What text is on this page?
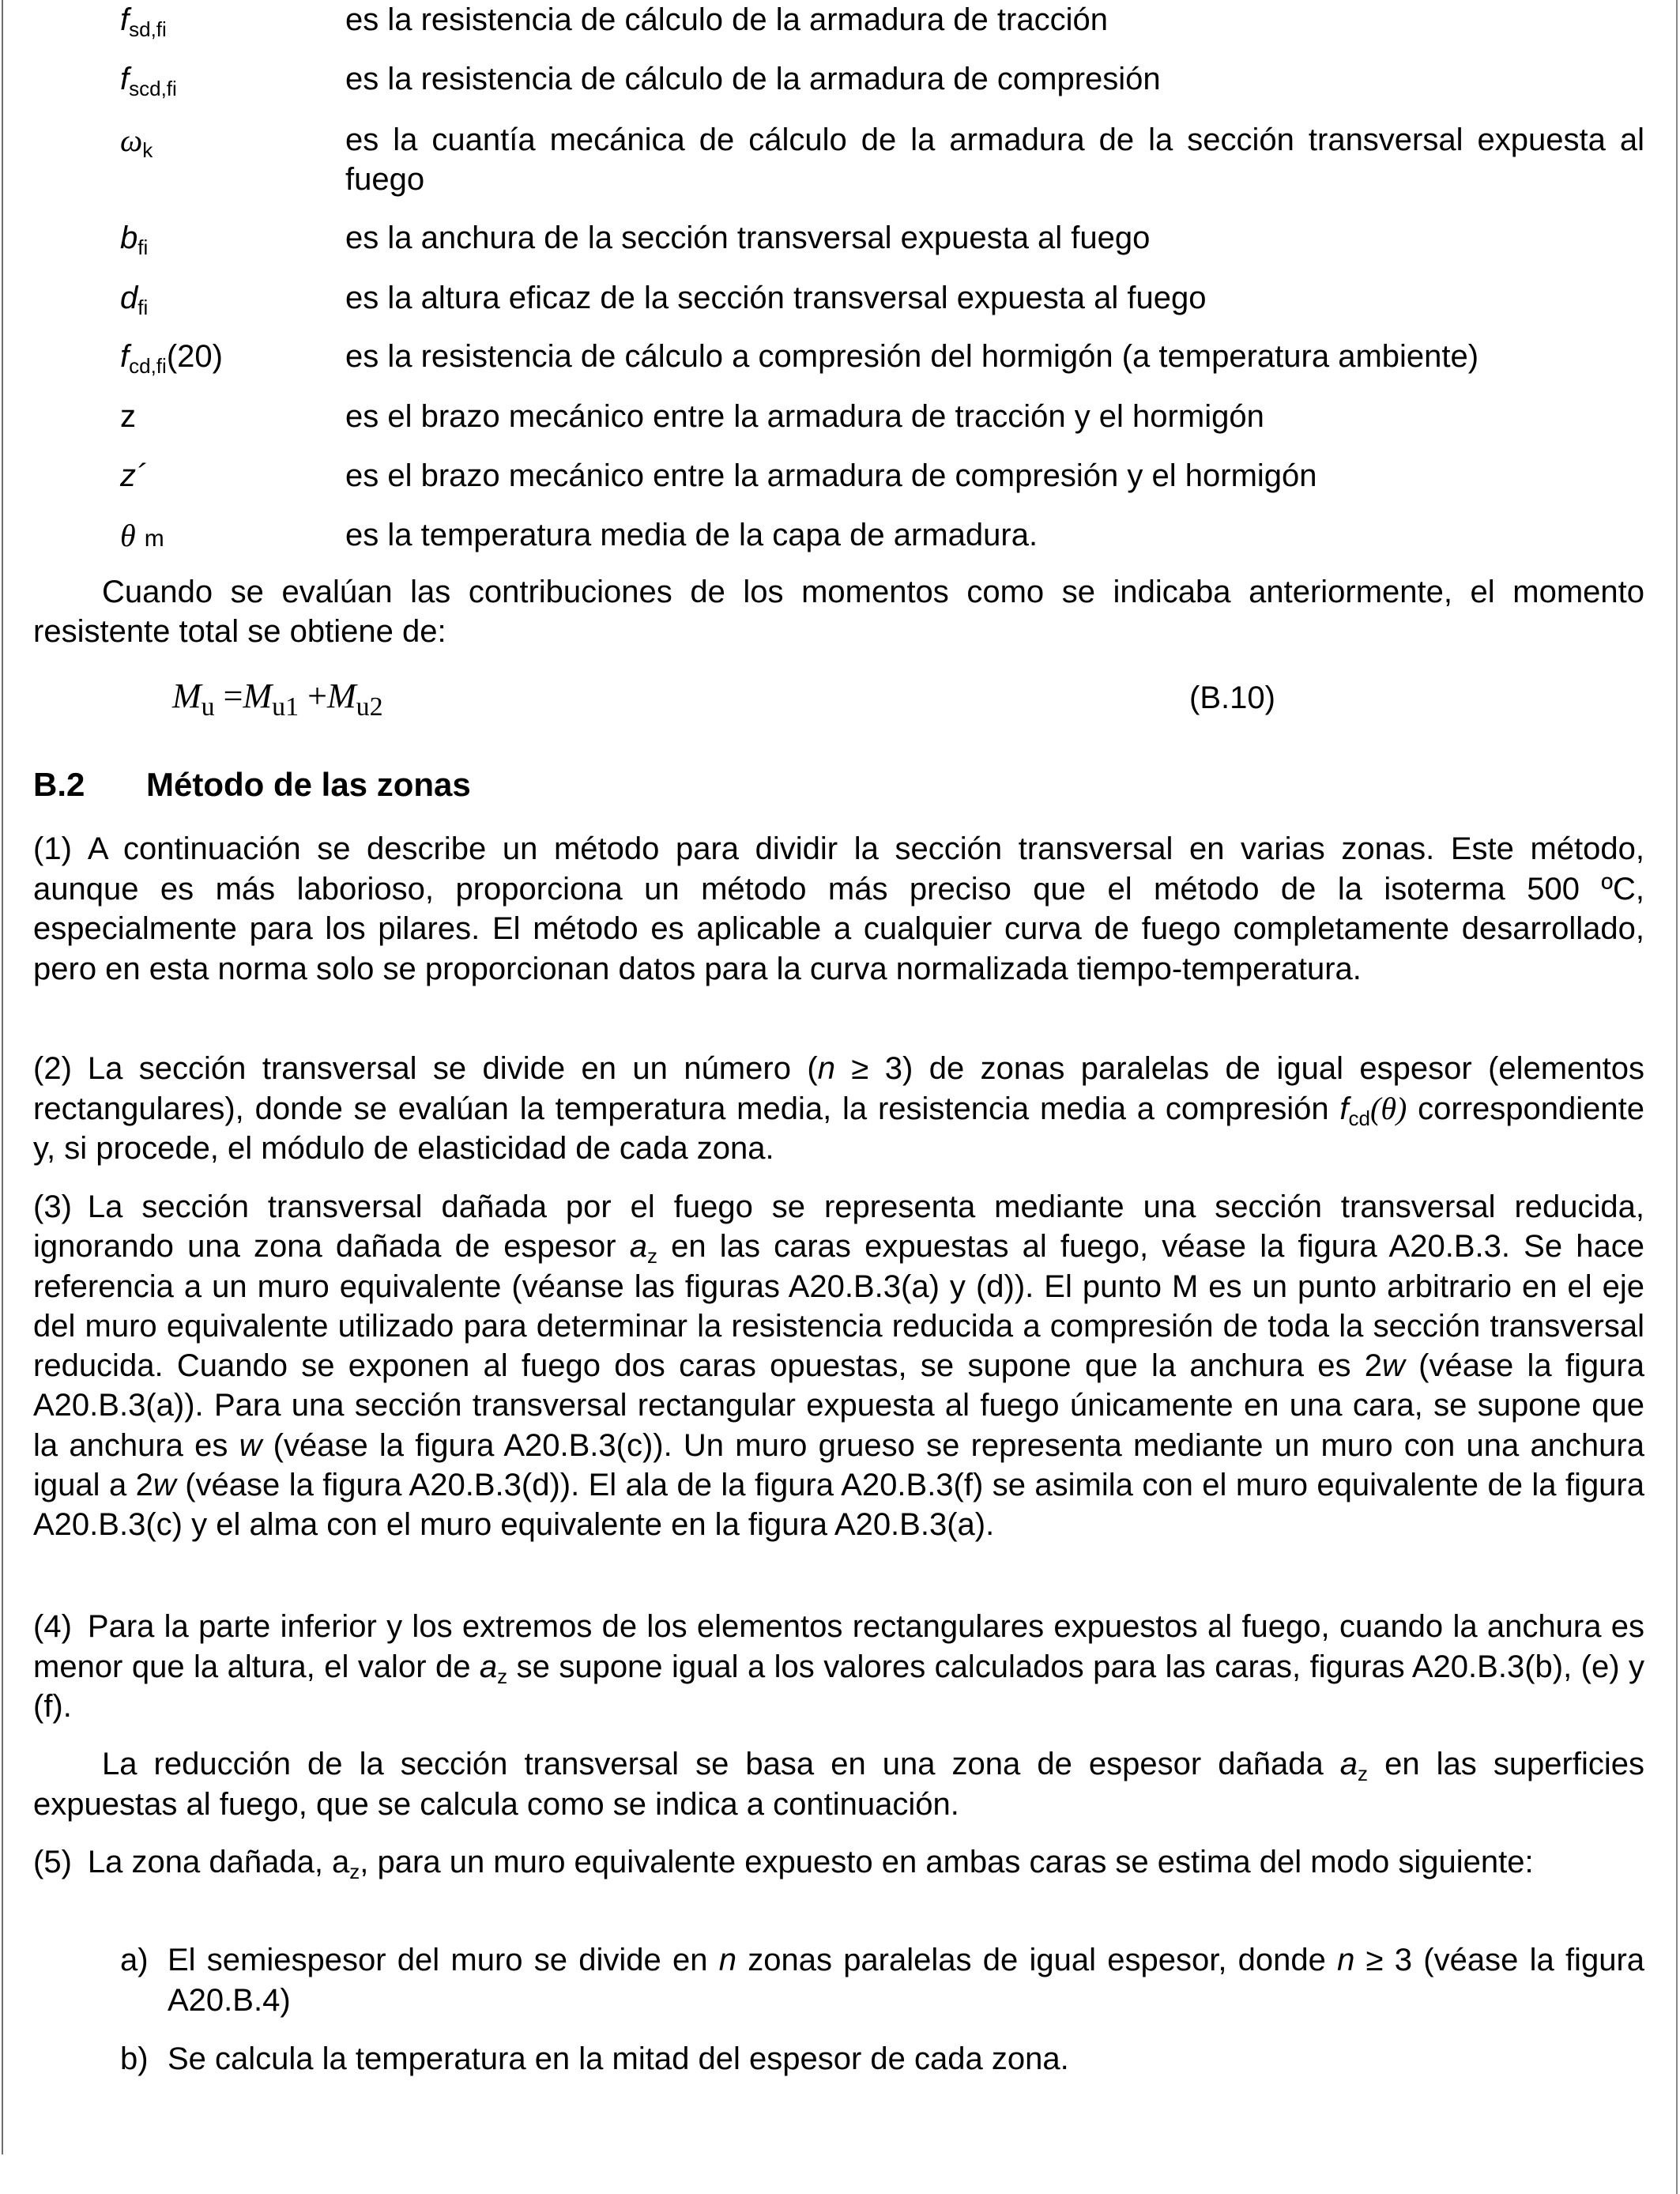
$f_{sd,fi}$	es la resistencia de cálculo de la armadura de tracción
$f_{scd,fi}$	es la resistencia de cálculo de la armadura de compresión
$\omega_k$	es la cuantía mecánica de cálculo de la armadura de la sección transversal expuesta al fuego
$b_{fi}$	es la anchura de la sección transversal expuesta al fuego
$d_{fi}$	es la altura eficaz de la sección transversal expuesta al fuego
$f_{cd,fi}(20)$	es la resistencia de cálculo a compresión del hormigón (a temperatura ambiente)
z	es el brazo mecánico entre la armadura de tracción y el hormigón
z´	es el brazo mecánico entre la armadura de compresión y el hormigón
θ m	es la temperatura media de la capa de armadura.
Cuando se evalúan las contribuciones de los momentos como se indicaba anteriormente, el momento resistente total se obtiene de:
$M_u =M_{u1} +M_{u2}$	(B.10)
B.2 Método de las zonas
(1) A continuación se describe un método para dividir la sección transversal en varias zonas. Este método, aunque es más laborioso, proporciona un método más preciso que el método de la isoterma 500 ºC, especialmente para los pilares. El método es aplicable a cualquier curva de fuego completamente desarrollado, pero en esta norma solo se proporcionan datos para la curva normalizada tiempo-temperatura.
(2) La sección transversal se divide en un número (n ≥ 3) de zonas paralelas de igual espesor (elementos rectangulares), donde se evalúan la temperatura media, la resistencia media a compresión $f_{cd}(\theta)$ correspondiente y, si procede, el módulo de elasticidad de cada zona.
(3) La sección transversal dañada por el fuego se representa mediante una sección transversal reducida, ignorando una zona dañada de espesor $a_z$ en las caras expuestas al fuego, véase la figura A20.B.3. Se hace referencia a un muro equivalente (véanse las figuras A20.B.3(a) y (d)). El punto M es un punto arbitrario en el eje del muro equivalente utilizado para determinar la resistencia reducida a compresión de toda la sección transversal reducida. Cuando se exponen al fuego dos caras opuestas, se supone que la anchura es 2w (véase la figura A20.B.3(a)). Para una sección transversal rectangular expuesta al fuego únicamente en una cara, se supone que la anchura es w (véase la figura A20.B.3(c)). Un muro grueso se representa mediante un muro con una anchura igual a 2w (véase la figura A20.B.3(d)). El ala de la figura A20.B.3(f) se asimila con el muro equivalente de la figura A20.B.3(c) y el alma con el muro equivalente en la figura A20.B.3(a).
(4) Para la parte inferior y los extremos de los elementos rectangulares expuestos al fuego, cuando la anchura es menor que la altura, el valor de $a_z$ se supone igual a los valores calculados para las caras, figuras A20.B.3(b), (e) y (f).
La reducción de la sección transversal se basa en una zona de espesor dañada $a_z$ en las superficies expuestas al fuego, que se calcula como se indica a continuación.
(5) La zona dañada, $a_z$, para un muro equivalente expuesto en ambas caras se estima del modo siguiente:
a) El semiespesor del muro se divide en n zonas paralelas de igual espesor, donde n ≥ 3 (véase la figura A20.B.4)
b) Se calcula la temperatura en la mitad del espesor de cada zona.
